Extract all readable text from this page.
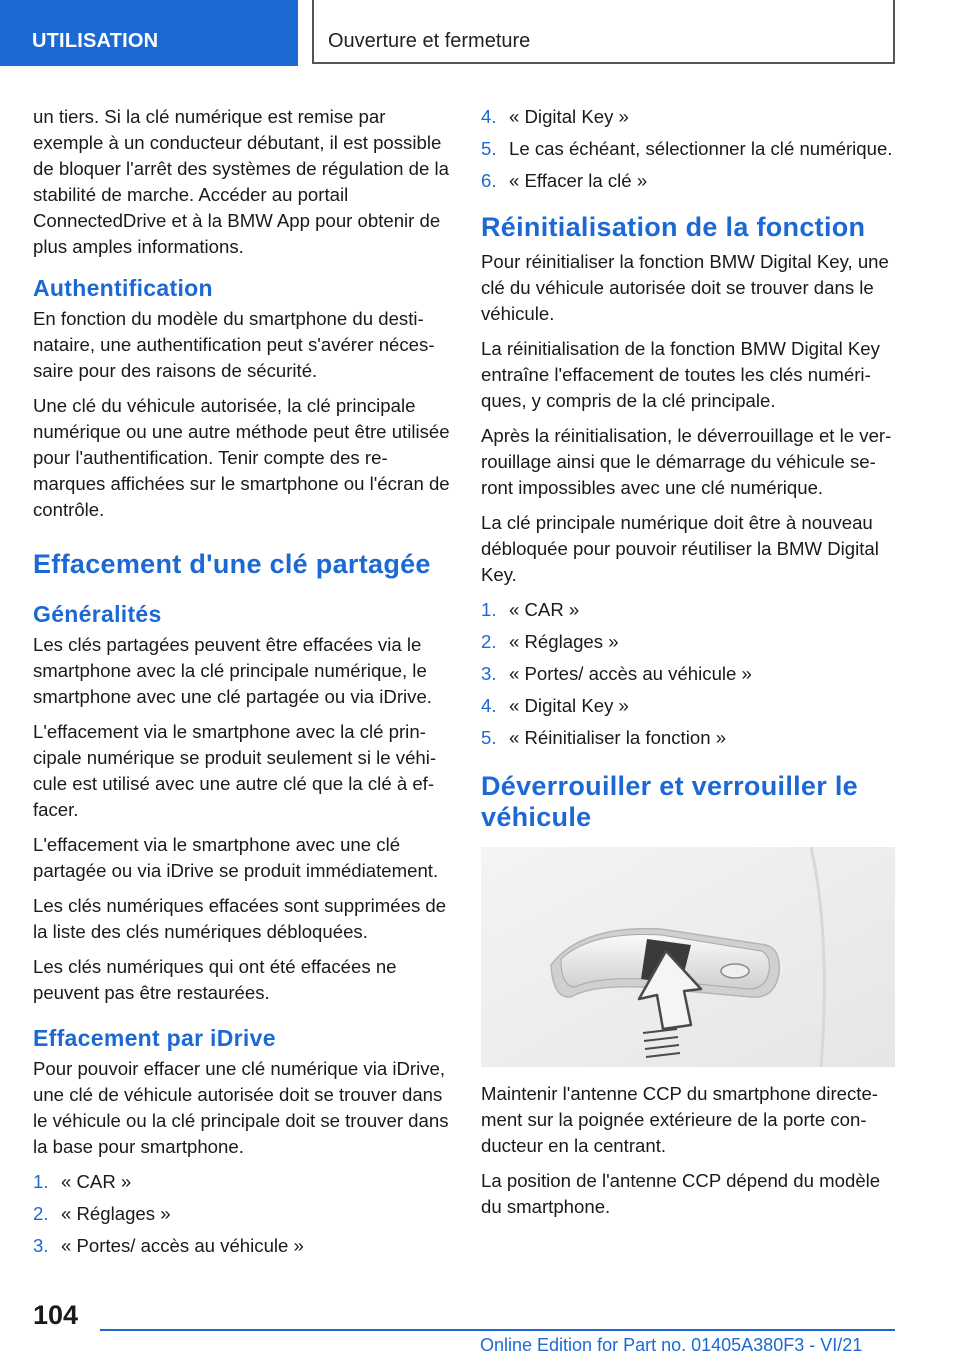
UTILISATION	Ouverture et fermeture

un tiers. Si la clé numérique est remise par exemple à un conducteur débutant, il est possible de bloquer l'arrêt des systèmes de régulation de la stabilité de marche. Accéder au portail ConnectedDrive et à la BMW App pour obtenir de plus amples informations.

Authentification

En fonction du modèle du smartphone du destinataire, une authentification peut s'avérer nécessaire pour des raisons de sécurité.

Une clé du véhicule autorisée, la clé principale numérique ou une autre méthode peut être utilisée pour l'authentification. Tenir compte des remarques affichées sur le smartphone ou l'écran de contrôle.

Effacement d'une clé partagée
Généralités

Les clés partagées peuvent être effacées via le smartphone avec la clé principale numérique, le smartphone avec une clé partagée ou via iDrive.

L'effacement via le smartphone avec la clé principale numérique se produit seulement si le véhicule est utilisé avec une autre clé que la clé à effacer.

L'effacement via le smartphone avec une clé partagée ou via iDrive se produit immédiatement.

Les clés numériques effacées sont supprimées de la liste des clés numériques débloquées.

Les clés numériques qui ont été effacées ne peuvent pas être restaurées.

Effacement par iDrive

Pour pouvoir effacer une clé numérique via iDrive, une clé de véhicule autorisée doit se trouver dans le véhicule ou la clé principale doit se trouver dans la base pour smartphone.

1. « CAR »
2. « Réglages »
3. « Portes/ accès au véhicule »
4. « Digital Key »
5. Le cas échéant, sélectionner la clé numérique.
6. « Effacer la clé »
Réinitialisation de la fonction

Pour réinitialiser la fonction BMW Digital Key, une clé du véhicule autorisée doit se trouver dans le véhicule.

La réinitialisation de la fonction BMW Digital Key entraîne l'effacement de toutes les clés numériques, y compris de la clé principale.

Après la réinitialisation, le déverrouillage et le verrouillage ainsi que le démarrage du véhicule seront impossibles avec une clé numérique.

La clé principale numérique doit être à nouveau débloquée pour pouvoir réutiliser la BMW Digital Key.

1. « CAR »
2. « Réglages »
3. « Portes/ accès au véhicule »
4. « Digital Key »
5. « Réinitialiser la fonction »
Déverrouiller et verrouiller le véhicule

Maintenir l'antenne CCP du smartphone directement sur la poignée extérieure de la porte conducteur en la centrant.

La position de l'antenne CCP dépend du modèle du smartphone.

104
Online Edition for Part no. 01405A380F3 - VI/21
